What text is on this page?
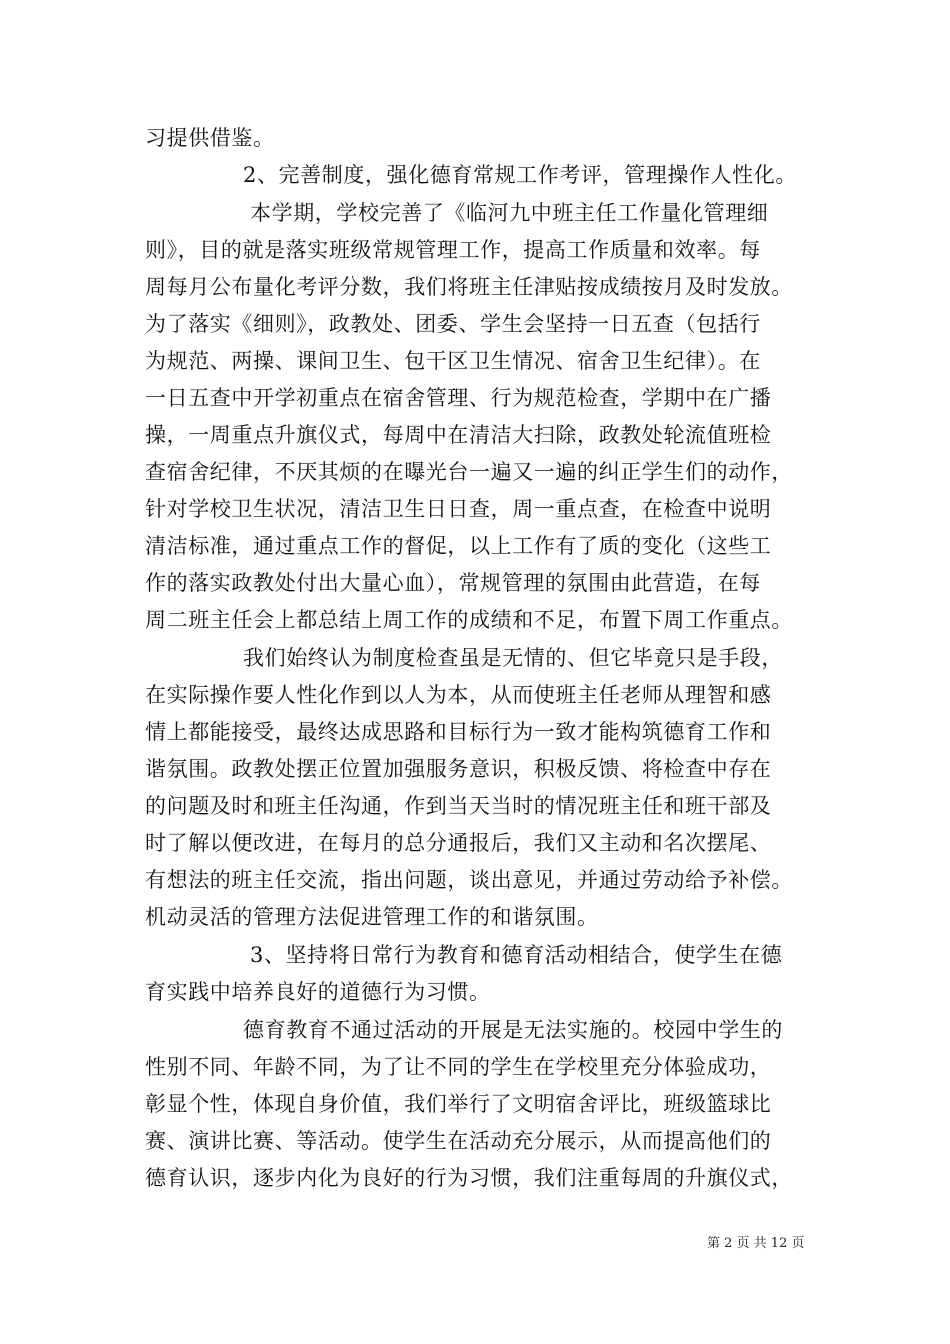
习提供借鉴。
2、完善制度，强化德育常规工作考评，管理操作人性化。
本学期，学校完善了《临河九中班主任工作量化管理细
则》，目的就是落实班级常规管理工作，提高工作质量和效率。每
周每月公布量化考评分数，我们将班主任津贴按成绩按月及时发放。
为了落实《细则》，政教处、团委、学生会坚持一日五查（包括行
为规范、两操、课间卫生、包干区卫生情况、宿舍卫生纪律）。在
一日五查中开学初重点在宿舍管理、行为规范检查，学期中在广播
操，一周重点升旗仪式，每周中在清洁大扫除，政教处轮流值班检
查宿舍纪律，不厌其烦的在曝光台一遍又一遍的纠正学生们的动作，
针对学校卫生状况，清洁卫生日日查，周一重点查，在检查中说明
清洁标准，通过重点工作的督促，以上工作有了质的变化（这些工
作的落实政教处付出大量心血），常规管理的氛围由此营造，在每
周二班主任会上都总结上周工作的成绩和不足，布置下周工作重点。
我们始终认为制度检查虽是无情的、但它毕竟只是手段，
在实际操作要人性化作到以人为本，从而使班主任老师从理智和感
情上都能接受，最终达成思路和目标行为一致才能构筑德育工作和
谐氛围。政教处摆正位置加强服务意识，积极反馈、将检查中存在
的问题及时和班主任沟通，作到当天当时的情况班主任和班干部及
时了解以便改进，在每月的总分通报后，我们又主动和名次摆尾、
有想法的班主任交流，指出问题，谈出意见，并通过劳动给予补偿。
机动灵活的管理方法促进管理工作的和谐氛围。
3、坚持将日常行为教育和德育活动相结合，使学生在德
育实践中培养良好的道德行为习惯。
德育教育不通过活动的开展是无法实施的。校园中学生的
性别不同、年龄不同，为了让不同的学生在学校里充分体验成功，
彰显个性，体现自身价值，我们举行了文明宿舍评比，班级篮球比
赛、演讲比赛、等活动。使学生在活动充分展示，从而提高他们的
德育认识，逐步内化为良好的行为习惯，我们注重每周的升旗仪式，
第 2 页 共 12 页
